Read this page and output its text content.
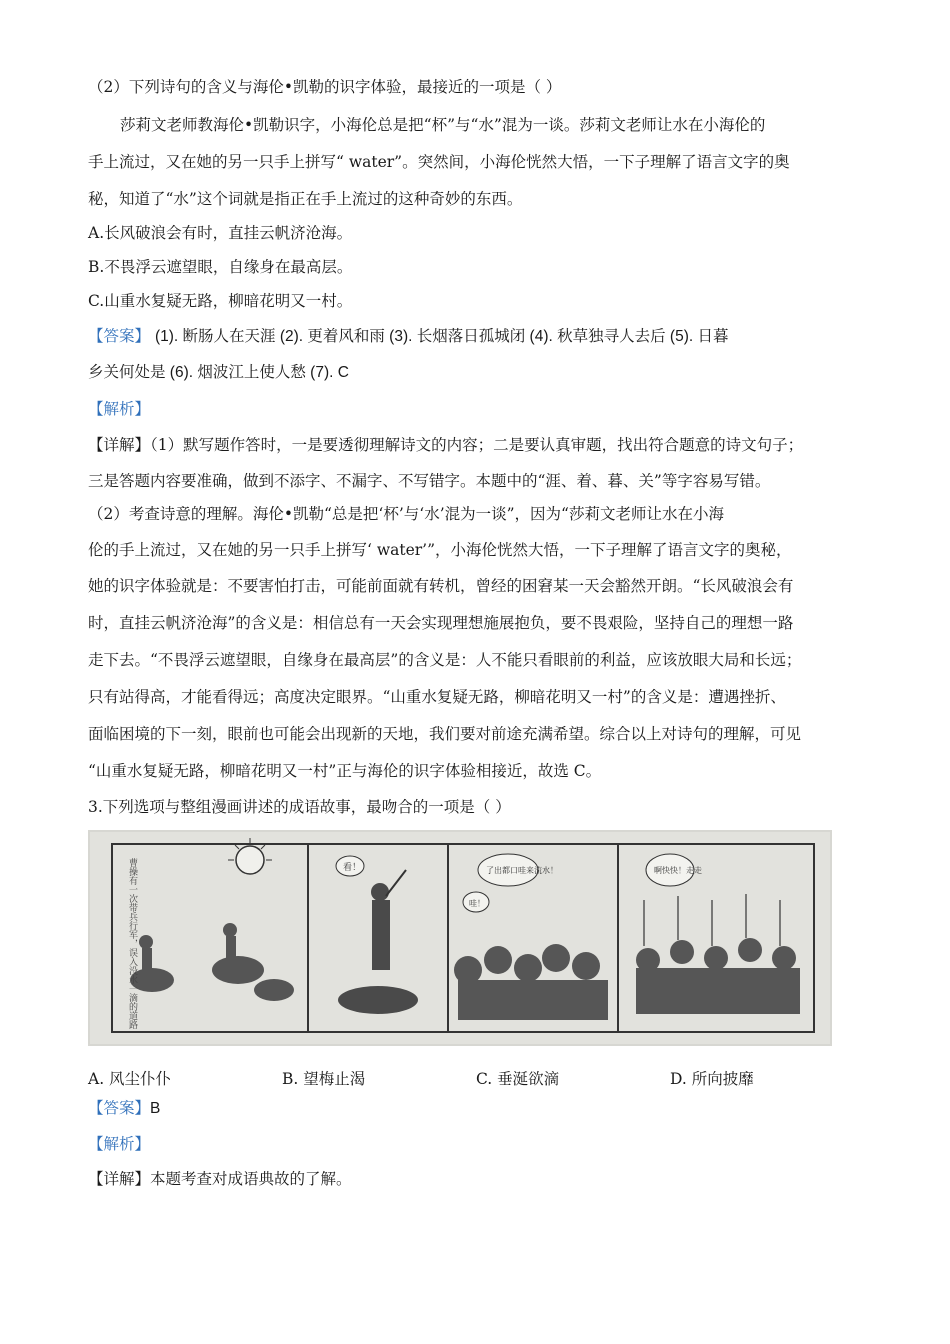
（2）下列诗句的含义与海伦•凯勒的识字体验，最接近的一项是（ ）
莎莉文老师教海伦•凯勒识字，小海伦总是把“杯”与“水”混为一谈。莎莉文老师让水在小海伦的
手上流过，又在她的另一只手上拼写“ water”。突然间，小海伦恍然大悟，一下子理解了语言文字的奥
秘，知道了“水”这个词就是指正在手上流过的这种奇妙的东西。
A.长风破浪会有时，直挂云帆济沧海。
B.不畏浮云遮望眼，自缘身在最高层。
C.山重水复疑无路，柳暗花明又一村。
【答案】 (1). 断肠人在天涯 (2). 更着风和雨 (3). 长烟落日孤城闭 (4). 秋草独寻人去后 (5). 日暮
乡关何处是 (6). 烟波江上使人愁 (7). C
【解析】
【详解】（1）默写题作答时，一是要透彻理解诗文的内容；二是要认真审题，找出符合题意的诗文句子；
三是答题内容要准确，做到不添字、不漏字、不写错字。本题中的“涯、着、暮、关”等字容易写错。
（2）考查诗意的理解。海伦•凯勒“总是把‘杯’与‘水’混为一谈”，因为“莎莉文老师让水在小海
伦的手上流过，又在她的另一只手上拼写‘ water’”，小海伦恍然大悟，一下子理解了语言文字的奥秘，
她的识字体验就是：不要害怕打击，可能前面就有转机，曾经的困窘某一天会豁然开朗。“长风破浪会有
时，直挂云帆济沧海”的含义是：相信总有一天会实现理想施展抱负，要不畏艰险，坚持自己的理想一路
走下去。“不畏浮云遮望眼，自缘身在最高层”的含义是：人不能只看眼前的利益，应该放眼大局和长远；
只有站得高，才能看得远；高度决定眼界。“山重水复疑无路，柳暗花明又一村”的含义是：遭遇挫折、
面临困境的下一刻，眼前也可能会出现新的天地，我们要对前途充满希望。综合以上对诗句的理解，可见
“山重水复疑无路，柳暗花明又一村”正与海伦的识字体验相接近，故选 C。
3.下列选项与整组漫画讲述的成语故事，最吻合的一项是（ ）
曹操有一次带兵行军，误入没水一滴的道路	看！	了出都口哇来流水！
哇！
啊快快！走走
A. 风尘仆仆	B. 望梅止渴	C. 垂涎欲滴	D. 所向披靡
【答案】B
【解析】
【详解】本题考查对成语典故的了解。
